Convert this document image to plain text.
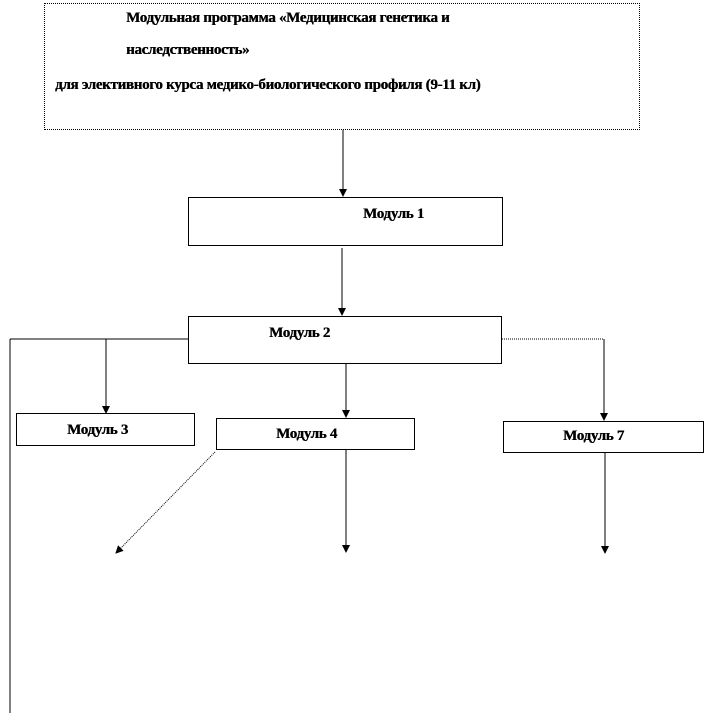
Модульная программа «Медицинская генетика и
наследственность»
для элективного курса медико-биологического профиля (9-11 кл)
Модуль 1
Модуль 2
Модуль 3	Модуль 4	Модуль 7
